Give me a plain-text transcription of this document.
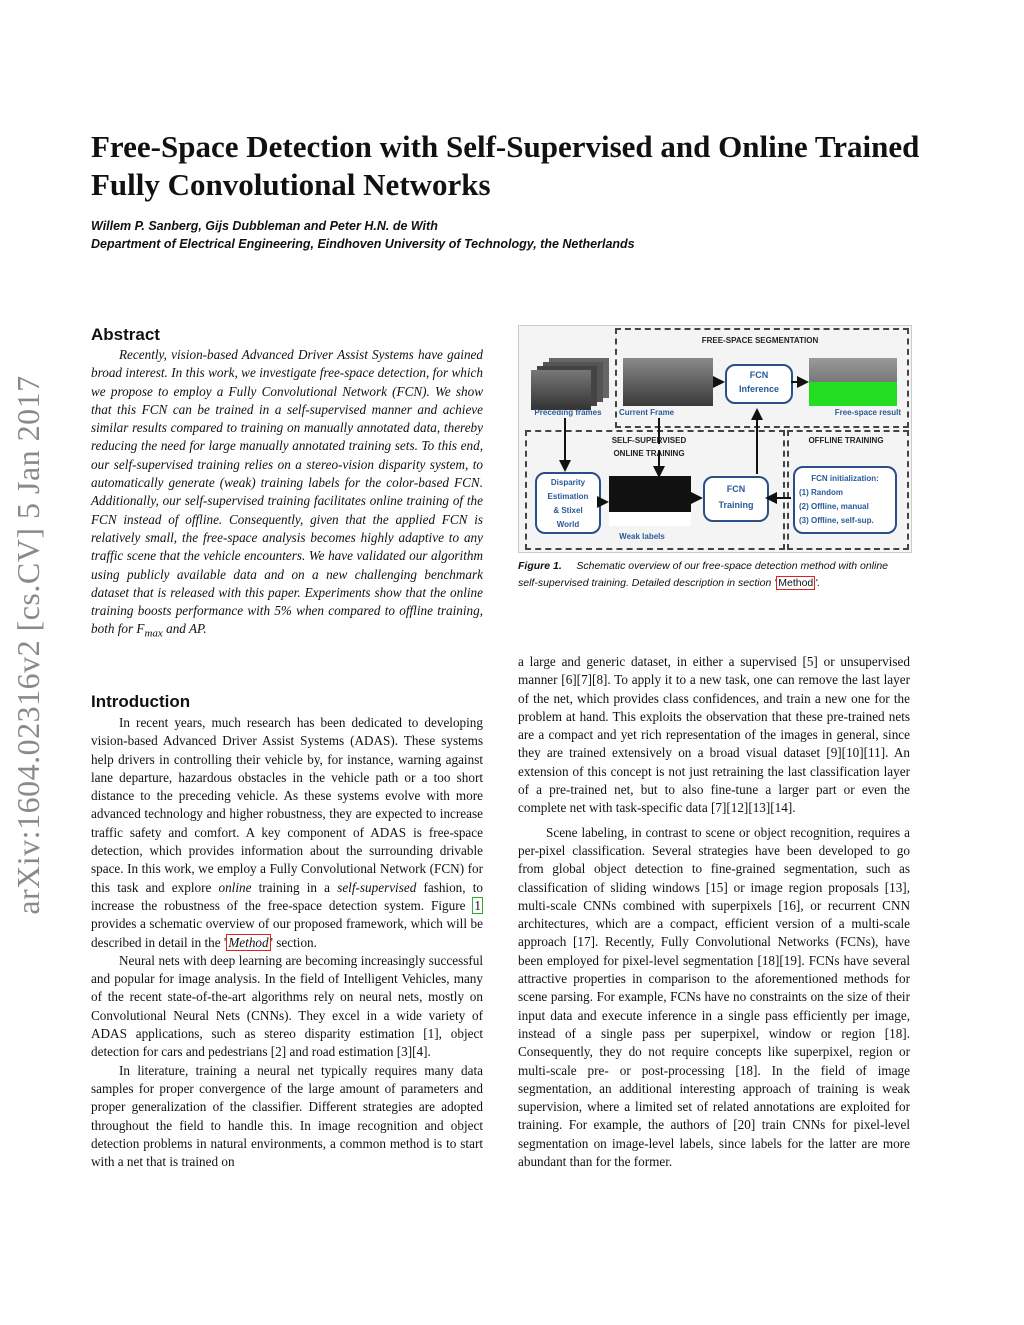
arXiv:1604.02316v2 [cs.CV] 5 Jan 2017
Free-Space Detection with Self-Supervised and Online Trained
Fully Convolutional Networks
Willem P. Sanberg, Gijs Dubbleman and Peter H.N. de With
Department of Electrical Engineering, Eindhoven University of Technology, the Netherlands
Abstract

Recently, vision-based Advanced Driver Assist Systems have gained broad interest. In this work, we investigate free-space detection, for which we propose to employ a Fully Convolutional Network (FCN). We show that this FCN can be trained in a self-supervised manner and achieve similar results compared to training on manually annotated data, thereby reducing the need for large manually annotated training sets. To this end, our self-supervised training relies on a stereo-vision disparity system, to automatically generate (weak) training labels for the color-based FCN. Additionally, our self-supervised training facilitates online training of the FCN instead of offline. Consequently, given that the applied FCN is relatively small, the free-space analysis becomes highly adaptive to any traffic scene that the vehicle encounters. We have validated our algorithm using publicly available data and on a new challenging benchmark dataset that is released with this paper. Experiments show that the online training boosts performance with 5% when compared to offline training, both for $F_{max}$ and AP.

Introduction

In recent years, much research has been dedicated to developing vision-based Advanced Driver Assist Systems (ADAS). These systems help drivers in controlling their vehicle by, for instance, warning against lane departure, hazardous obstacles in the vehicle path or a too short distance to the preceding vehicle. As these systems evolve with more advanced technology and higher robustness, they are expected to increase traffic safety and comfort. A key component of ADAS is free-space detection, which provides information about the surrounding drivable space. In this work, we employ a Fully Convolutional Network (FCN) for this task and explore online training in a self-supervised fashion, to increase the robustness of the free-space detection system. Figure 1 provides a schematic overview of our proposed framework, which will be described in detail in the ' Method ' section.

Neural nets with deep learning are becoming increasingly successful and popular for image analysis. In the field of Intelligent Vehicles, many of the recent state-of-the-art algorithms rely on neural nets, mostly on Convolutional Neural Nets (CNNs). They excel in a wide variety of ADAS applications, such as stereo disparity estimation [1], object detection for cars and pedestrians [2] and road estimation [3][4].

In literature, training a neural net typically requires many data samples for proper convergence of the large amount of parameters and proper generalization of the classifier. Different strategies are adopted throughout the field to handle this. In image recognition and object detection problems in natural environments, a common method is to start with a net that is trained on

FREE-SPACE SEGMENTATION
Preceding frames	Current Frame
FCN
Inference
Free-space result
SELF-SUPERVISED
ONLINE TRAINING
Disparity
Estimation
& Stixel
World
Weak labels
FCN
Training
OFFLINE TRAINING
FCN initialization:
(1) Random
(2) Offline, manual
(3) Offline, self-sup.
Figure 1. Schematic overview of our free-space detection method with online self-supervised training. Detailed description in section ' Method '.

a large and generic dataset, in either a supervised [5] or unsupervised manner [6][7][8]. To apply it to a new task, one can remove the last layer of the net, which provides class confidences, and train a new one for the problem at hand. This exploits the observation that these pre-trained nets are a compact and yet rich representation of the images in general, since they are trained extensively on a broad visual dataset [9][10][11]. An extension of this concept is not just retraining the last classification layer of a pre-trained net, but to also fine-tune a larger part or even the complete net with task-specific data [7][12][13][14].

Scene labeling, in contrast to scene or object recognition, requires a per-pixel classification. Several strategies have been developed to go from global object detection to fine-grained segmentation, such as classification of sliding windows [15] or image region proposals [13], multi-scale CNNs combined with superpixels [16], or recurrent CNN architectures, which are a compact, efficient version of a multi-scale approach [17]. Recently, Fully Convolutional Networks (FCNs), have been employed for pixel-level segmentation [18][19]. FCNs have several attractive properties in comparison to the aforementioned methods for scene parsing. For example, FCNs have no constraints on the size of their input data and execute inference in a single pass efficiently per image, instead of a single pass per superpixel, window or region [18]. Consequently, they do not require concepts like superpixel, region or multi-scale pre- or post-processing [18]. In the field of image segmentation, an additional interesting approach of training is weak supervision, where a limited set of related annotations are exploited for training. For example, the authors of [20] train CNNs for pixel-level segmentation on image-level labels, since labels for the latter are more abundant than for the former.
